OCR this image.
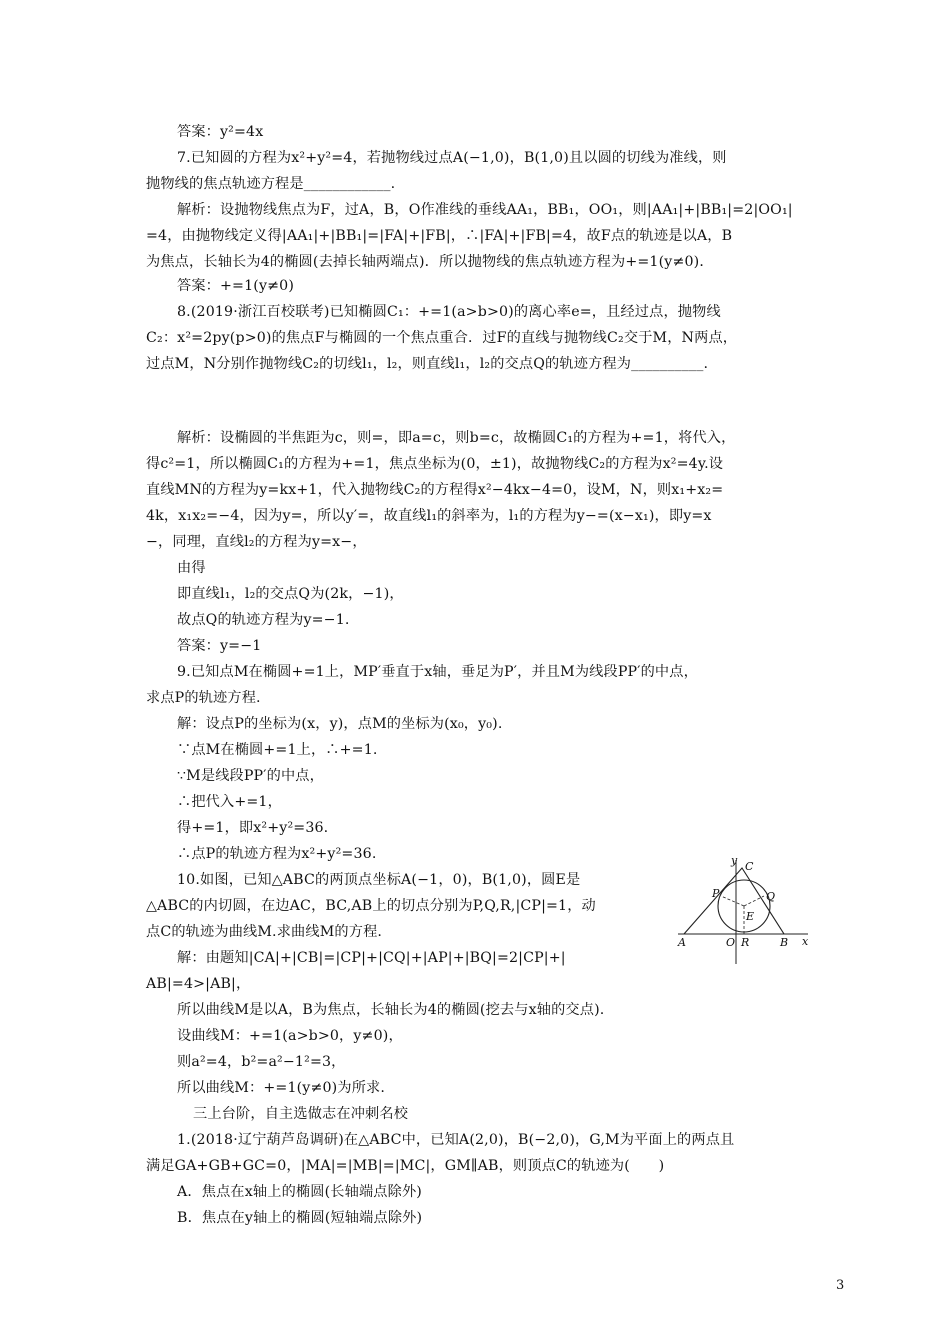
答案：y²=4x
7.已知圆的方程为x²+y²=4，若抛物线过点A(−1,0)，B(1,0)且以圆的切线为准线，则
抛物线的焦点轨迹方程是____________.
解析：设抛物线焦点为F，过A，B，O作准线的垂线AA₁，BB₁，OO₁，则|AA₁|+|BB₁|=2|OO₁|
=4，由抛物线定义得|AA₁|+|BB₁|=|FA|+|FB|，∴|FA|+|FB|=4，故F点的轨迹是以A，B
为焦点，长轴长为4的椭圆(去掉长轴两端点)．所以抛物线的焦点轨迹方程为+=1(y≠0)．
答案：+=1(y≠0)
8.(2019·浙江百校联考)已知椭圆C₁：+=1(a>b>0)的离心率e=，且经过点，抛物线
C₂：x²=2py(p>0)的焦点F与椭圆的一个焦点重合．过F的直线与抛物线C₂交于M，N两点，
过点M，N分别作抛物线C₂的切线l₁，l₂，则直线l₁，l₂的交点Q的轨迹方程为__________.
解析：设椭圆的半焦距为c，则=，即a=c，则b=c，故椭圆C₁的方程为+=1，将代入，
得c²=1，所以椭圆C₁的方程为+=1，焦点坐标为(0，±1)，故抛物线C₂的方程为x²=4y.设
直线MN的方程为y=kx+1，代入抛物线C₂的方程得x²−4kx−4=0，设M，N，则x₁+x₂=
4k，x₁x₂=−4，因为y=，所以y′=，故直线l₁的斜率为，l₁的方程为y−=(x−x₁)，即y=x
−，同理，直线l₂的方程为y=x−，
由得
即直线l₁，l₂的交点Q为(2k，−1)，
故点Q的轨迹方程为y=−1.
答案：y=−1
9.已知点M在椭圆+=1上，MP′垂直于x轴，垂足为P′，并且M为线段PP′的中点，
求点P的轨迹方程.
解：设点P的坐标为(x，y)，点M的坐标为(x₀，y₀).
∵点M在椭圆+=1上，∴+=1.
∵M是线段PP′的中点，
∴把代入+=1，
得+=1，即x²+y²=36.
∴点P的轨迹方程为x²+y²=36.
10.如图，已知△ABC的两顶点坐标A(−1，0)，B(1,0)，圆E是
△ABC的内切圆，在边AC，BC,AB上的切点分别为P,Q,R,|CP|=1，动
点C的轨迹为曲线M.求曲线M的方程.
解：由题知|CA|+|CB|=|CP|+|CQ|+|AP|+|BQ|=2|CP|+|
AB|=4>|AB|，
所以曲线M是以A，B为焦点，长轴长为4的椭圆(挖去与x轴的交点).
设曲线M：+=1(a>b>0，y≠0)，
则a²=4，b²=a²−1²=3，
所以曲线M：+=1(y≠0)为所求.
三上台阶，自主选做志在冲刺名校
1.(2018·辽宁葫芦岛调研)在△ABC中，已知A(2,0)，B(−2,0)，G,M为平面上的两点且
满足GA+GB+GC=0，|MA|=|MB|=|MC|，GM∥AB，则顶点C的轨迹为(　　)
A．焦点在x轴上的椭圆(长轴端点除外)
B．焦点在y轴上的椭圆(短轴端点除外)
y C
P	Q
E
A	O R	B x
3
